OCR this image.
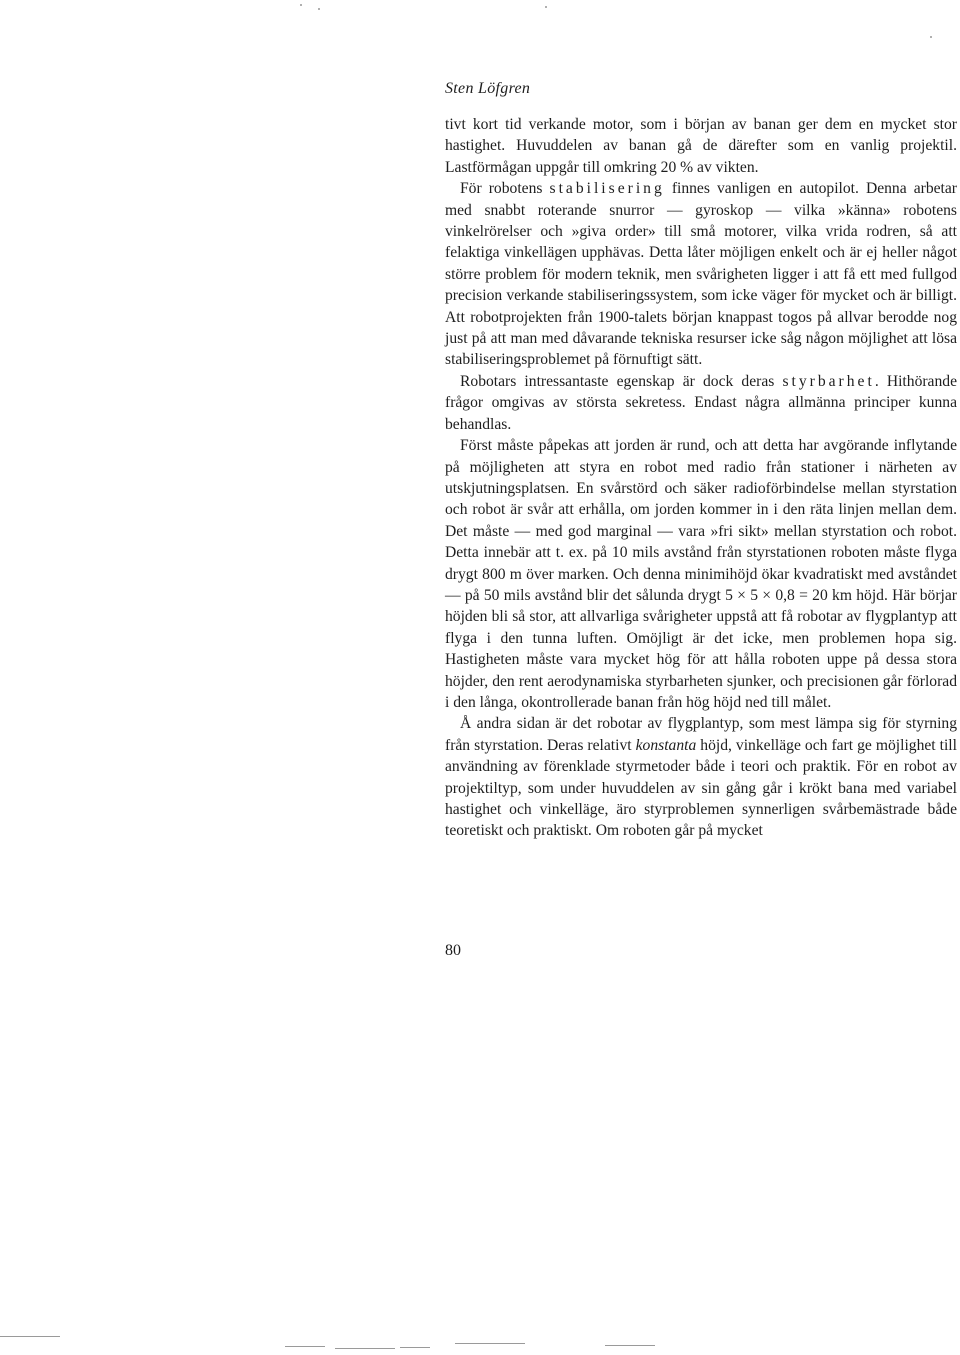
Sten Löfgren

tivt kort tid verkande motor, som i början av banan ger dem en mycket stor hastighet. Huvuddelen av banan gå de därefter som en vanlig projektil. Lastförmågan uppgår till omkring 20 % av vikten.

För robotens stabilisering finnes vanligen en autopilot. Denna arbetar med snabbt roterande snurror — gyroskop — vilka »känna» robotens vinkelrörelser och »giva order» till små motorer, vilka vrida rodren, så att felaktiga vinkellägen upphävas. Detta låter möjligen enkelt och är ej heller något större problem för modern teknik, men svårigheten ligger i att få ett med fullgod precision verkande stabiliseringssystem, som icke väger för mycket och är billigt. Att robotprojekten från 1900-talets början knappast togos på allvar berodde nog just på att man med dåvarande tekniska resurser icke såg någon möjlighet att lösa stabiliseringsproblemet på förnuftigt sätt.

Robotars intressantaste egenskap är dock deras styrbarhet. Hithörande frågor omgivas av största sekretess. Endast några allmänna principer kunna behandlas.

Först måste påpekas att jorden är rund, och att detta har avgörande inflytande på möjligheten att styra en robot med radio från stationer i närheten av utskjutningsplatsen. En svårstörd och säker radioförbindelse mellan styrstation och robot är svår att erhålla, om jorden kommer in i den räta linjen mellan dem. Det måste — med god marginal — vara »fri sikt» mellan styrstation och robot. Detta innebär att t. ex. på 10 mils avstånd från styrstationen roboten måste flyga drygt 800 m över marken. Och denna minimihöjd ökar kvadratiskt med avståndet — på 50 mils avstånd blir det sålunda drygt 5 × 5 × 0,8 = 20 km höjd. Här börjar höjden bli så stor, att allvarliga svårigheter uppstå att få robotar av flygplantyp att flyga i den tunna luften. Omöjligt är det icke, men problemen hopa sig. Hastigheten måste vara mycket hög för att hålla roboten uppe på dessa stora höjder, den rent aerodynamiska styrbarheten sjunker, och precisionen går förlorad i den långa, okontrollerade banan från hög höjd ned till målet.

Å andra sidan är det robotar av flygplantyp, som mest lämpa sig för styrning från styrstation. Deras relativt konstanta höjd, vinkelläge och fart ge möjlighet till användning av förenklade styrmetoder både i teori och praktik. För en robot av projektiltyp, som under huvuddelen av sin gång går i krökt bana med variabel hastighet och vinkelläge, äro styrproblemen synnerligen svårbemästrade både teoretiskt och praktiskt. Om roboten går på mycket

80
